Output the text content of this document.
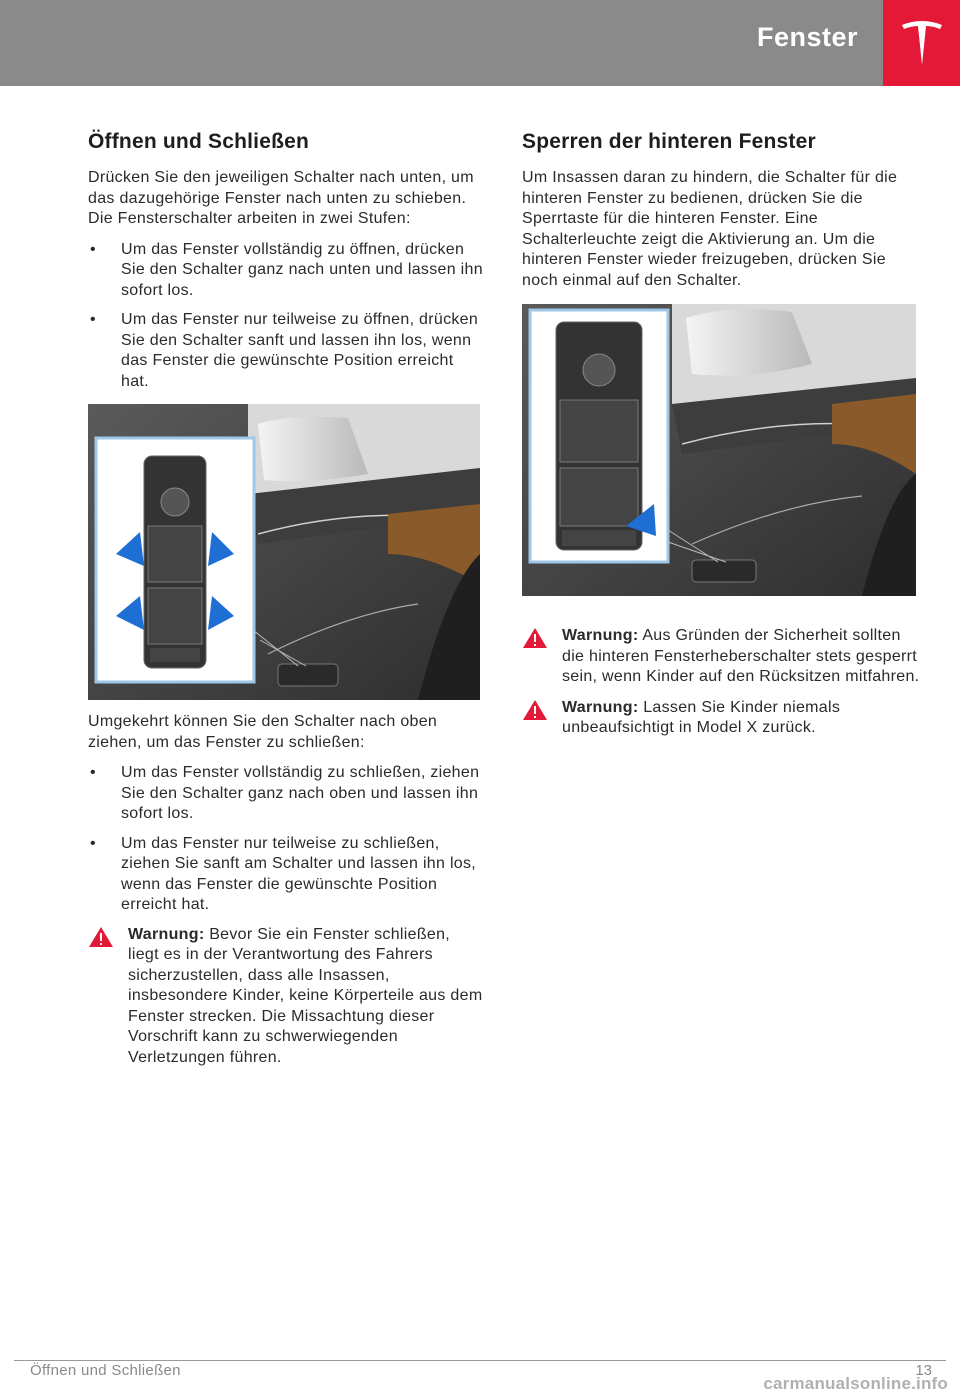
Fenster
Öffnen und Schließen

Drücken Sie den jeweiligen Schalter nach unten, um das dazugehörige Fenster nach unten zu schieben. Die Fensterschalter arbeiten in zwei Stufen:

• Um das Fenster vollständig zu öffnen, drücken Sie den Schalter ganz nach unten und lassen ihn sofort los.
• Um das Fenster nur teilweise zu öffnen, drücken Sie den Schalter sanft und lassen ihn los, wenn das Fenster die gewünschte Position erreicht hat.

Umgekehrt können Sie den Schalter nach oben ziehen, um das Fenster zu schließen:

• Um das Fenster vollständig zu schließen, ziehen Sie den Schalter ganz nach oben und lassen ihn sofort los.
• Um das Fenster nur teilweise zu schließen, ziehen Sie sanft am Schalter und lassen ihn los, wenn das Fenster die gewünschte Position erreicht hat.
Warnung: Bevor Sie ein Fenster schließen, liegt es in der Verantwortung des Fahrers sicherzustellen, dass alle Insassen, insbesondere Kinder, keine Körperteile aus dem Fenster strecken. Die Missachtung dieser Vorschrift kann zu schwerwiegenden Verletzungen führen.
Sperren der hinteren Fenster

Um Insassen daran zu hindern, die Schalter für die hinteren Fenster zu bedienen, drücken Sie die Sperrtaste für die hinteren Fenster. Eine Schalterleuchte zeigt die Aktivierung an. Um die hinteren Fenster wieder freizugeben, drücken Sie noch einmal auf den Schalter.

Warnung: Aus Gründen der Sicherheit sollten die hinteren Fensterheberschalter stets gesperrt sein, wenn Kinder auf den Rücksitzen mitfahren.
Warnung: Lassen Sie Kinder niemals unbeaufsichtigt in Model X zurück.
Öffnen und Schließen	13
carmanualsonline.info
